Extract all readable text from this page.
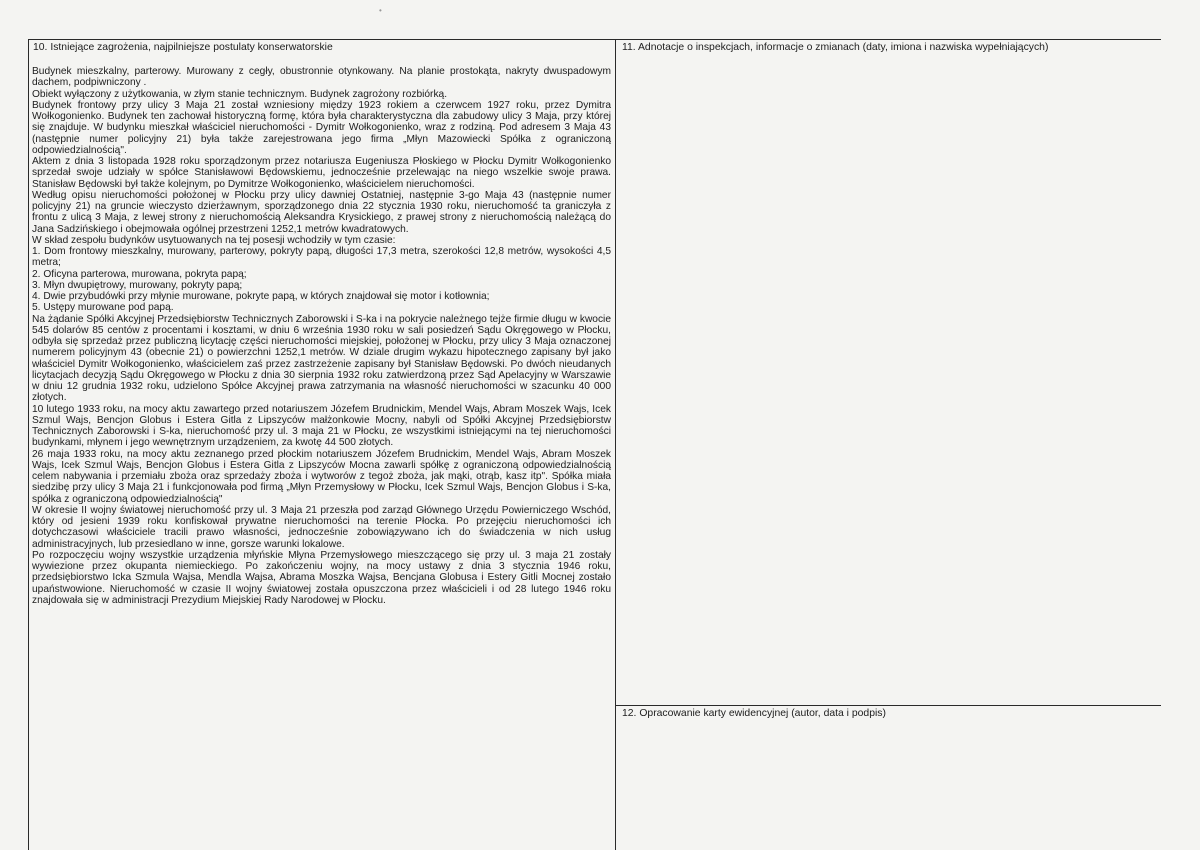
•
10. Istniejące zagrożenia, najpilniejsze postulaty konserwatorskie

Budynek mieszkalny, parterowy. Murowany z cegły, obustronnie otynkowany. Na planie prostokąta, nakryty dwuspadowym dachem, podpiwniczony .

Obiekt wyłączony z użytkowania, w złym stanie technicznym. Budynek zagrożony rozbiórką.

Budynek frontowy przy ulicy 3 Maja 21 został wzniesiony między 1923 rokiem a czerwcem 1927 roku, przez Dymitra Wołkogonienko. Budynek ten zachował historyczną formę, która była charakterystyczna dla zabudowy ulicy 3 Maja, przy której się znajduje. W budynku mieszkał właściciel nieruchomości - Dymitr Wołkogonienko, wraz z rodziną. Pod adresem 3 Maja 43 (następnie numer policyjny 21) była także zarejestrowana jego firma „Młyn Mazowiecki Spółka z ograniczoną odpowiedzialnością".

Aktem z dnia 3 listopada 1928 roku sporządzonym przez notariusza Eugeniusza Płoskiego w Płocku Dymitr Wołkogonienko sprzedał swoje udziały w spółce Stanisławowi Będowskiemu, jednocześnie przelewając na niego wszelkie swoje prawa. Stanisław Będowski był także kolejnym, po Dymitrze Wołkogonienko, właścicielem nieruchomości.

Według opisu nieruchomości położonej w Płocku przy ulicy dawniej Ostatniej, następnie 3-go Maja 43 (następnie numer policyjny 21) na gruncie wieczysto dzierżawnym, sporządzonego dnia 22 stycznia 1930 roku, nieruchomość ta graniczyła z frontu z ulicą 3 Maja, z lewej strony z nieruchomością Aleksandra Krysickiego, z prawej strony z nieruchomością należącą do Jana Sadzińskiego i obejmowała ogólnej przestrzeni 1252,1 metrów kwadratowych.

W skład zespołu budynków usytuowanych na tej posesji wchodziły w tym czasie:

1. Dom frontowy mieszkalny, murowany, parterowy, pokryty papą, długości 17,3 metra, szerokości 12,8 metrów, wysokości 4,5 metra;

2. Oficyna parterowa, murowana, pokryta papą;

3. Młyn dwupiętrowy, murowany, pokryty papą;

4. Dwie przybudówki przy młynie murowane, pokryte papą, w których znajdował się motor i kotłownia;

5. Ustępy murowane pod papą.

Na żądanie Spółki Akcyjnej Przedsiębiorstw Technicznych Zaborowski i S-ka i na pokrycie należnego tejże firmie długu w kwocie 545 dolarów 85 centów z procentami i kosztami, w dniu 6 września 1930 roku w sali posiedzeń Sądu Okręgowego w Płocku, odbyła się sprzedaż przez publiczną licytację części nieruchomości miejskiej, położonej w Płocku, przy ulicy 3 Maja oznaczonej numerem policyjnym 43 (obecnie 21) o powierzchni 1252,1 metrów. W dziale drugim wykazu hipotecznego zapisany był jako właściciel Dymitr Wołkogonienko, właścicielem zaś przez zastrzeżenie zapisany był Stanisław Będowski. Po dwóch nieudanych licytacjach decyzją Sądu Okręgowego w Płocku z dnia 30 sierpnia 1932 roku zatwierdzoną przez Sąd Apelacyjny w Warszawie w dniu 12 grudnia 1932 roku, udzielono Spółce Akcyjnej prawa zatrzymania na własność nieruchomości w szacunku 40 000 złotych.

10 lutego 1933 roku, na mocy aktu zawartego przed notariuszem Józefem Brudnickim, Mendel Wajs, Abram Moszek Wajs, Icek Szmul Wajs, Bencjon Globus i Estera Gitla z Lipszyców małżonkowie Mocny, nabyli od Spółki Akcyjnej Przedsiębiorstw Technicznych Zaborowski i S-ka, nieruchomość przy ul. 3 maja 21 w Płocku, ze wszystkimi istniejącymi na tej nieruchomości budynkami, młynem i jego wewnętrznym urządzeniem, za kwotę 44 500 złotych.

26 maja 1933 roku, na mocy aktu zeznanego przed płockim notariuszem Józefem Brudnickim, Mendel Wajs, Abram Moszek Wajs, Icek Szmul Wajs, Bencjon Globus i Estera Gitla z Lipszyców Mocna zawarli spółkę z ograniczoną odpowiedzialnością celem nabywania i przemiału zboża oraz sprzedaży zboża i wytworów z tegoż zboża, jak mąki, otrąb, kasz itp". Spółka miała siedzibę przy ulicy 3 Maja 21 i funkcjonowała pod firmą „Młyn Przemysłowy w Płocku, Icek Szmul Wajs, Bencjon Globus i S-ka, spółka z ograniczoną odpowiedzialnością"

W okresie II wojny światowej nieruchomość przy ul. 3 Maja 21 przeszła pod zarząd Głównego Urzędu Powierniczego Wschód, który od jesieni 1939 roku konfiskował prywatne nieruchomości na terenie Płocka. Po przejęciu nieruchomości ich dotychczasowi właściciele tracili prawo własności, jednocześnie zobowiązywano ich do świadczenia w nich usług administracyjnych, lub przesiedlano w inne, gorsze warunki lokalowe.

Po rozpoczęciu wojny wszystkie urządzenia młyńskie Młyna Przemysłowego mieszczącego się przy ul. 3 maja 21 zostały wywiezione przez okupanta niemieckiego. Po zakończeniu wojny, na mocy ustawy z dnia 3 stycznia 1946 roku, przedsiębiorstwo Icka Szmula Wajsa, Mendla Wajsa, Abrama Moszka Wajsa, Bencjana Globusa i Estery Gitli Mocnej zostało upaństwowione. Nieruchomość w czasie II wojny światowej została opuszczona przez właścicieli i od 28 lutego 1946 roku znajdowała się w administracji Prezydium Miejskiej Rady Narodowej w Płocku.

11. Adnotacje o inspekcjach, informacje o zmianach (daty, imiona i nazwiska wypełniających)
12. Opracowanie karty ewidencyjnej (autor, data i podpis)
